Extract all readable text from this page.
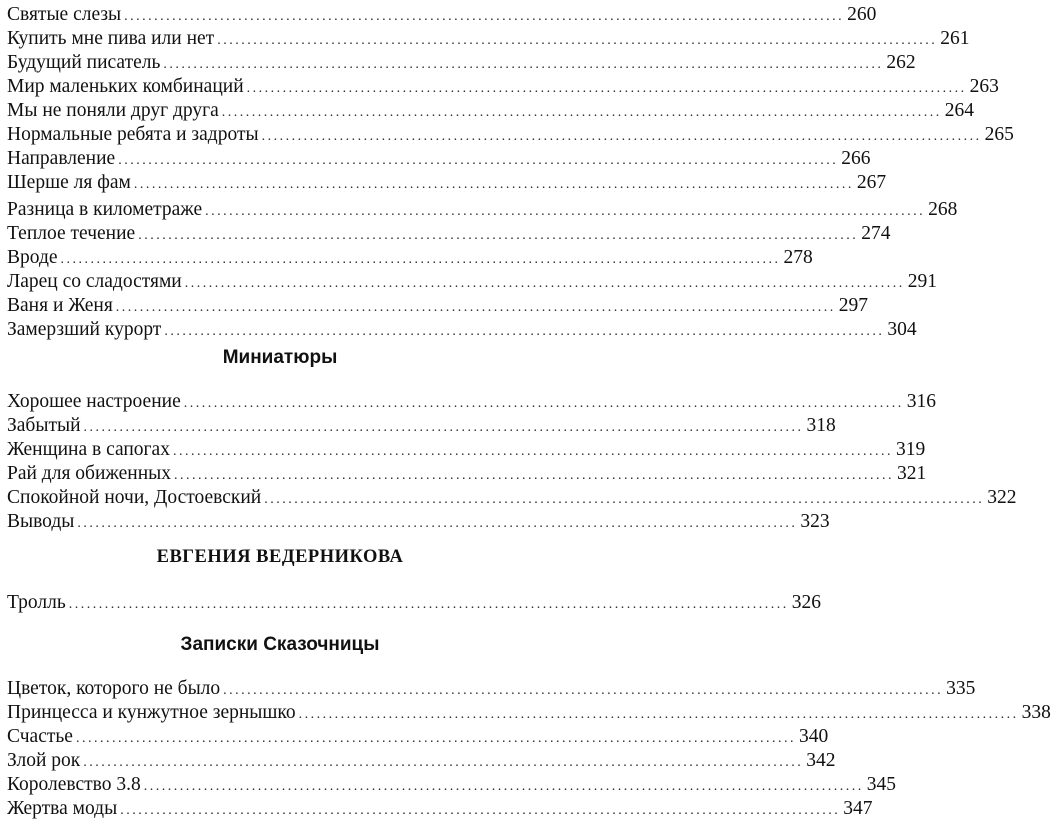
Святые слезы ........................................................................................................................ 260
Купить мне пива или нет ........................................................................................................................ 261
Будущий писатель ........................................................................................................................ 262
Мир маленьких комбинаций ........................................................................................................................ 263
Мы не поняли друг друга ........................................................................................................................ 264
Нормальные ребята и задроты ........................................................................................................................ 265
Направление ........................................................................................................................ 266
Шерше ля фам ........................................................................................................................ 267
Разница в километраже ........................................................................................................................ 268
Теплое течение ........................................................................................................................ 274
Вроде ........................................................................................................................ 278
Ларец со сладостями ........................................................................................................................ 291
Ваня и Женя ........................................................................................................................ 297
Замерзший курорт ........................................................................................................................ 304
Миниатюры
Хорошее настроение ........................................................................................................................ 316
Забытый ........................................................................................................................ 318
Женщина в сапогах ........................................................................................................................ 319
Рай для обиженных ........................................................................................................................ 321
Спокойной ночи, Достоевский ........................................................................................................................ 322
Выводы ........................................................................................................................ 323
ЕВГЕНИЯ ВЕДЕРНИКОВА
Тролль ........................................................................................................................ 326
Записки Сказочницы
Цветок, которого не было ........................................................................................................................ 335
Принцесса и кунжутное зернышко ........................................................................................................................ 338
Счастье ........................................................................................................................ 340
Злой рок ........................................................................................................................ 342
Королевство 3.8 ........................................................................................................................ 345
Жертва моды ........................................................................................................................ 347
